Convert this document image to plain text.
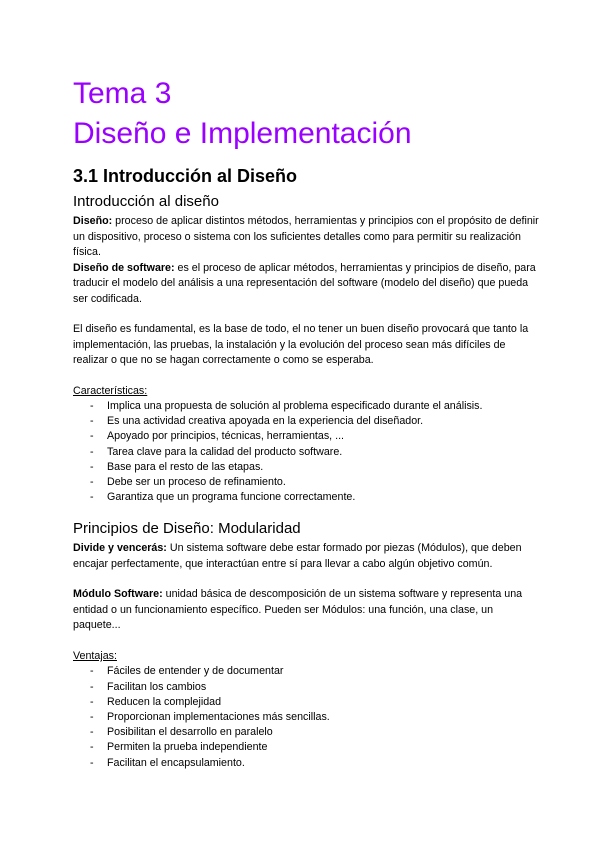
Tema 3
Diseño e Implementación
3.1 Introducción al Diseño
Introducción al diseño

Diseño: proceso de aplicar distintos métodos, herramientas y principios con el propósito de definir un dispositivo, proceso o sistema con los suficientes detalles como para permitir su realización física.

Diseño de software: es el proceso de aplicar métodos, herramientas y principios de diseño, para traducir el modelo del análisis a una representación del software (modelo del diseño) que pueda ser codificada.

El diseño es fundamental, es la base de todo, el no tener un buen diseño provocará que tanto la implementación, las pruebas, la instalación y la evolución del proceso sean más difíciles de realizar o que no se hagan correctamente o como se esperaba.

Características:

- Implica una propuesta de solución al problema especificado durante el análisis.
- Es una actividad creativa apoyada en la experiencia del diseñador.
- Apoyado por principios, técnicas, herramientas, ...
- Tarea clave para la calidad del producto software.
- Base para el resto de las etapas.
- Debe ser un proceso de refinamiento.
- Garantiza que un programa funcione correctamente.
Principios de Diseño: Modularidad

Divide y vencerás: Un sistema software debe estar formado por piezas (Módulos), que deben encajar perfectamente, que interactúan entre sí para llevar a cabo algún objetivo común.

Módulo Software: unidad básica de descomposición de un sistema software y representa una entidad o un funcionamiento específico. Pueden ser Módulos: una función, una clase, un paquete...

Ventajas:

- Fáciles de entender y de documentar
- Facilitan los cambios
- Reducen la complejidad
- Proporcionan implementaciones más sencillas.
- Posibilitan el desarrollo en paralelo
- Permiten la prueba independiente
- Facilitan el encapsulamiento.
